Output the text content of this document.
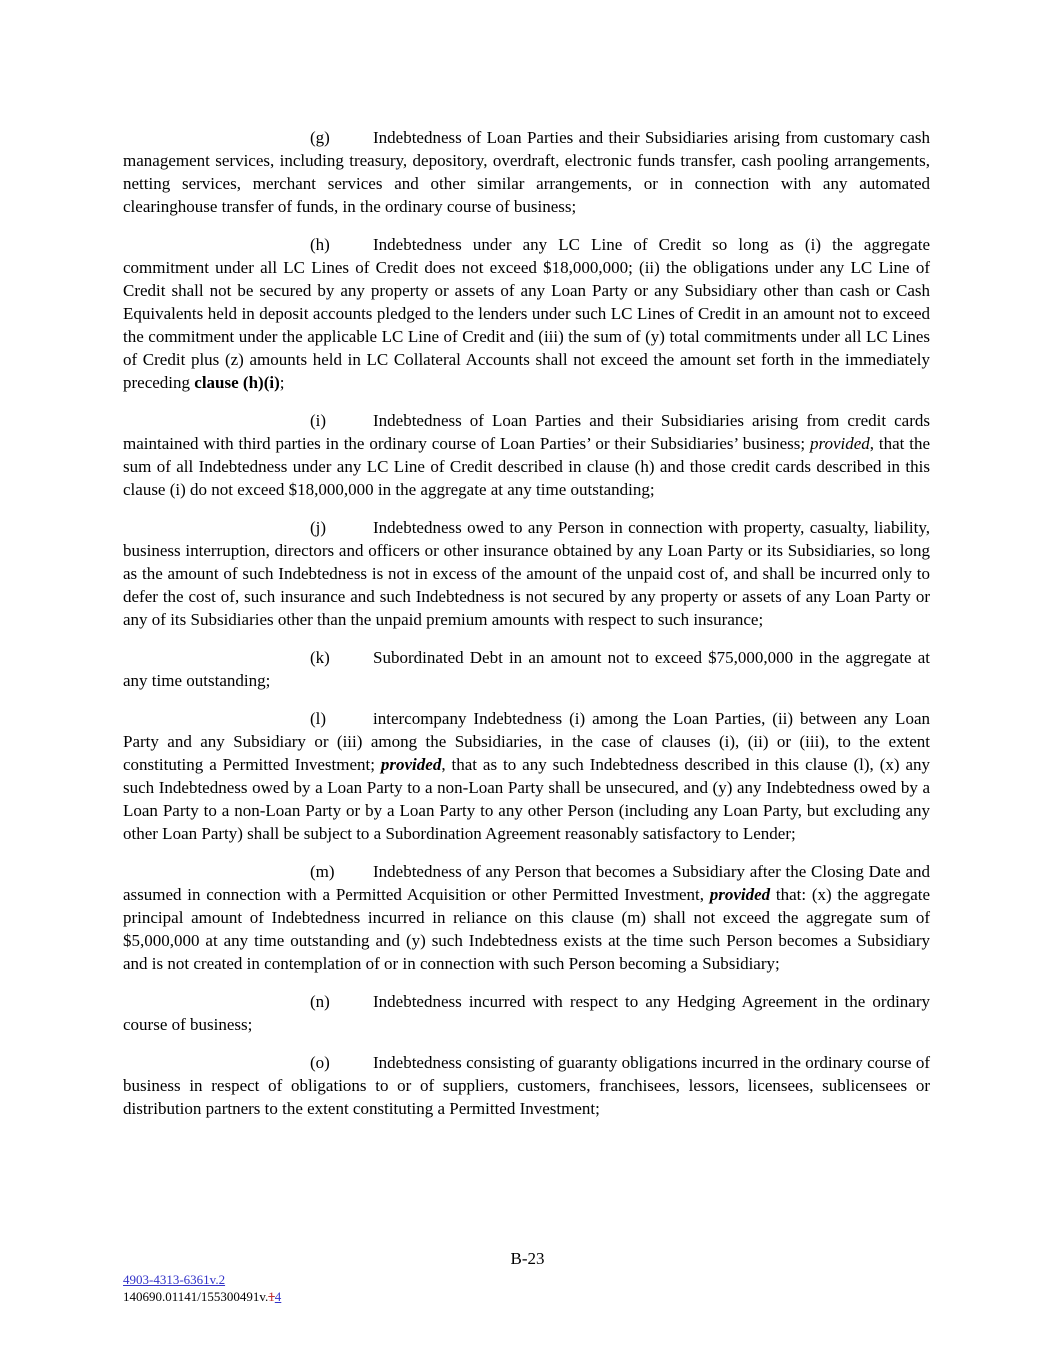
(g)	Indebtedness of Loan Parties and their Subsidiaries arising from customary cash management services, including treasury, depository, overdraft, electronic funds transfer, cash pooling arrangements, netting services, merchant services and other similar arrangements, or in connection with any automated clearinghouse transfer of funds, in the ordinary course of business;

(h)	Indebtedness under any LC Line of Credit so long as (i) the aggregate commitment under all LC Lines of Credit does not exceed $18,000,000; (ii) the obligations under any LC Line of Credit shall not be secured by any property or assets of any Loan Party or any Subsidiary other than cash or Cash Equivalents held in deposit accounts pledged to the lenders under such LC Lines of Credit in an amount not to exceed the commitment under the applicable LC Line of Credit and (iii) the sum of (y) total commitments under all LC Lines of Credit plus (z) amounts held in LC Collateral Accounts shall not exceed the amount set forth in the immediately preceding clause (h)(i);

(i)	Indebtedness of Loan Parties and their Subsidiaries arising from credit cards maintained with third parties in the ordinary course of Loan Parties’ or their Subsidiaries’ business; provided, that the sum of all Indebtedness under any LC Line of Credit described in clause (h) and those credit cards described in this clause (i) do not exceed $18,000,000 in the aggregate at any time outstanding;

(j)	Indebtedness owed to any Person in connection with property, casualty, liability, business interruption, directors and officers or other insurance obtained by any Loan Party or its Subsidiaries, so long as the amount of such Indebtedness is not in excess of the amount of the unpaid cost of, and shall be incurred only to defer the cost of, such insurance and such Indebtedness is not secured by any property or assets of any Loan Party or any of its Subsidiaries other than the unpaid premium amounts with respect to such insurance;

(k)	Subordinated Debt in an amount not to exceed $75,000,000 in the aggregate at any time outstanding;

(l)	intercompany Indebtedness (i) among the Loan Parties, (ii) between any Loan Party and any Subsidiary or (iii) among the Subsidiaries, in the case of clauses (i), (ii) or (iii), to the extent constituting a Permitted Investment; provided, that as to any such Indebtedness described in this clause (l), (x) any such Indebtedness owed by a Loan Party to a non-Loan Party shall be unsecured, and (y) any Indebtedness owed by a Loan Party to a non-Loan Party or by a Loan Party to any other Person (including any Loan Party, but excluding any other Loan Party) shall be subject to a Subordination Agreement reasonably satisfactory to Lender;

(m) Indebtedness of any Person that becomes a Subsidiary after the Closing Date and assumed in connection with a Permitted Acquisition or other Permitted Investment, provided that: (x) the aggregate principal amount of Indebtedness incurred in reliance on this clause (m) shall not exceed the aggregate sum of $5,000,000 at any time outstanding and (y) such Indebtedness exists at the time such Person becomes a Subsidiary and is not created in contemplation of or in connection with such Person becoming a Subsidiary;

(n)	Indebtedness incurred with respect to any Hedging Agreement in the ordinary course of business;

(o)	Indebtedness consisting of guaranty obligations incurred in the ordinary course of business in respect of obligations to or of suppliers, customers, franchisees, lessors, licensees, sublicensees or distribution partners to the extent constituting a Permitted Investment;

B-23
4903-4313-6361v.2
140690.01141/155300491v.14
